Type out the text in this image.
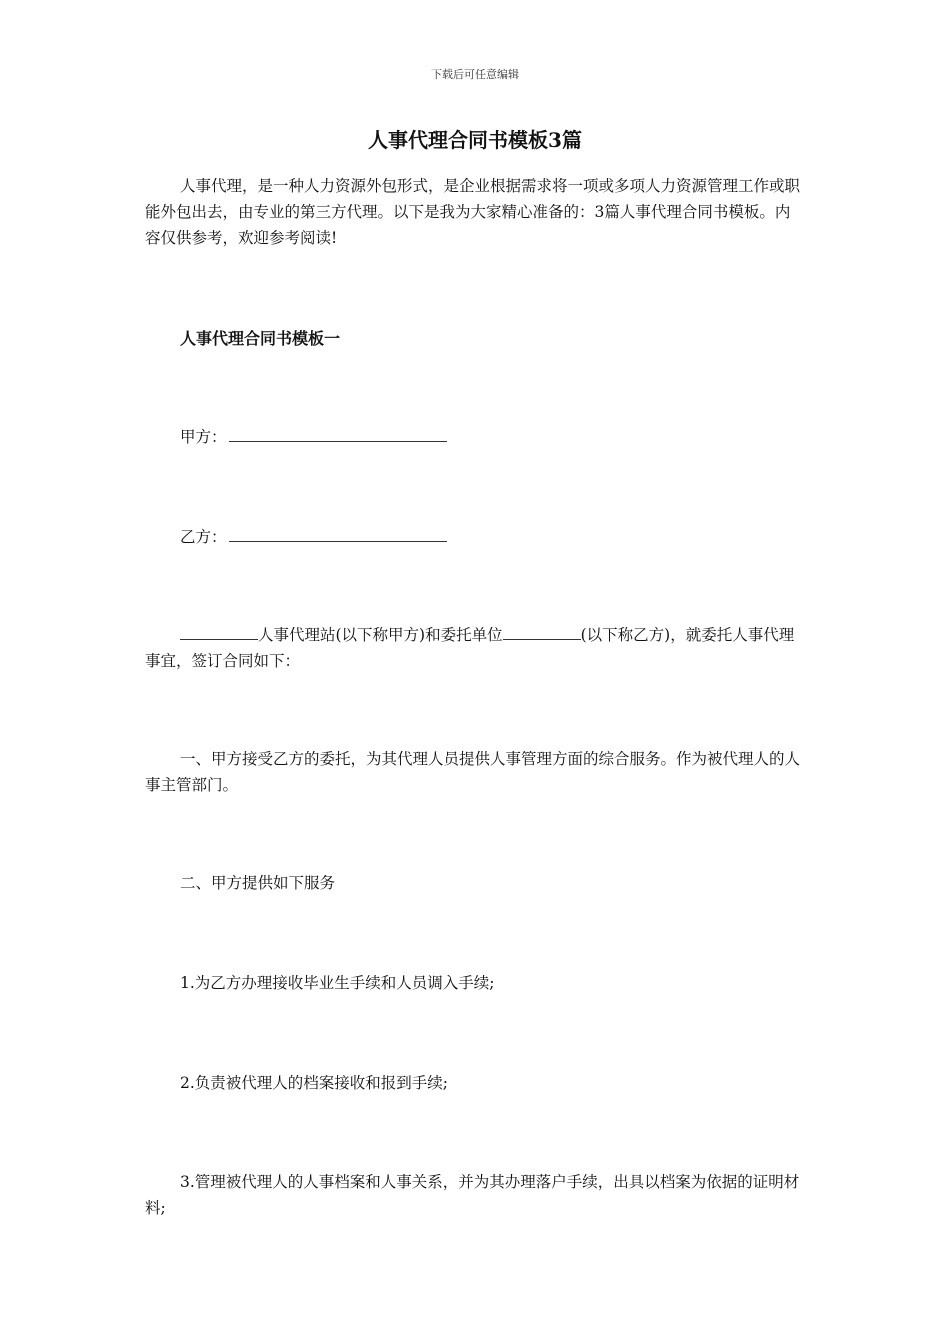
下载后可任意编辑
人事代理合同书模板3篇

人事代理，是一种人力资源外包形式，是企业根据需求将一项或多项人力资源管理工作或职能外包出去，由专业的第三方代理。以下是我为大家精心准备的：3篇人事代理合同书模板。内容仅供参考，欢迎参考阅读!

人事代理合同书模板一
甲方：
乙方：

人事代理站(以下称甲方)和委托单位	(以下称乙方)，就委托人事代理事宜，签订合同如下：

一、甲方接受乙方的委托，为其代理人员提供人事管理方面的综合服务。作为被代理人的人事主管部门。

二、甲方提供如下服务

1.为乙方办理接收毕业生手续和人员调入手续;

2.负责被代理人的档案接收和报到手续;

3.管理被代理人的人事档案和人事关系，并为其办理落户手续，出具以档案为依据的证明材料;
